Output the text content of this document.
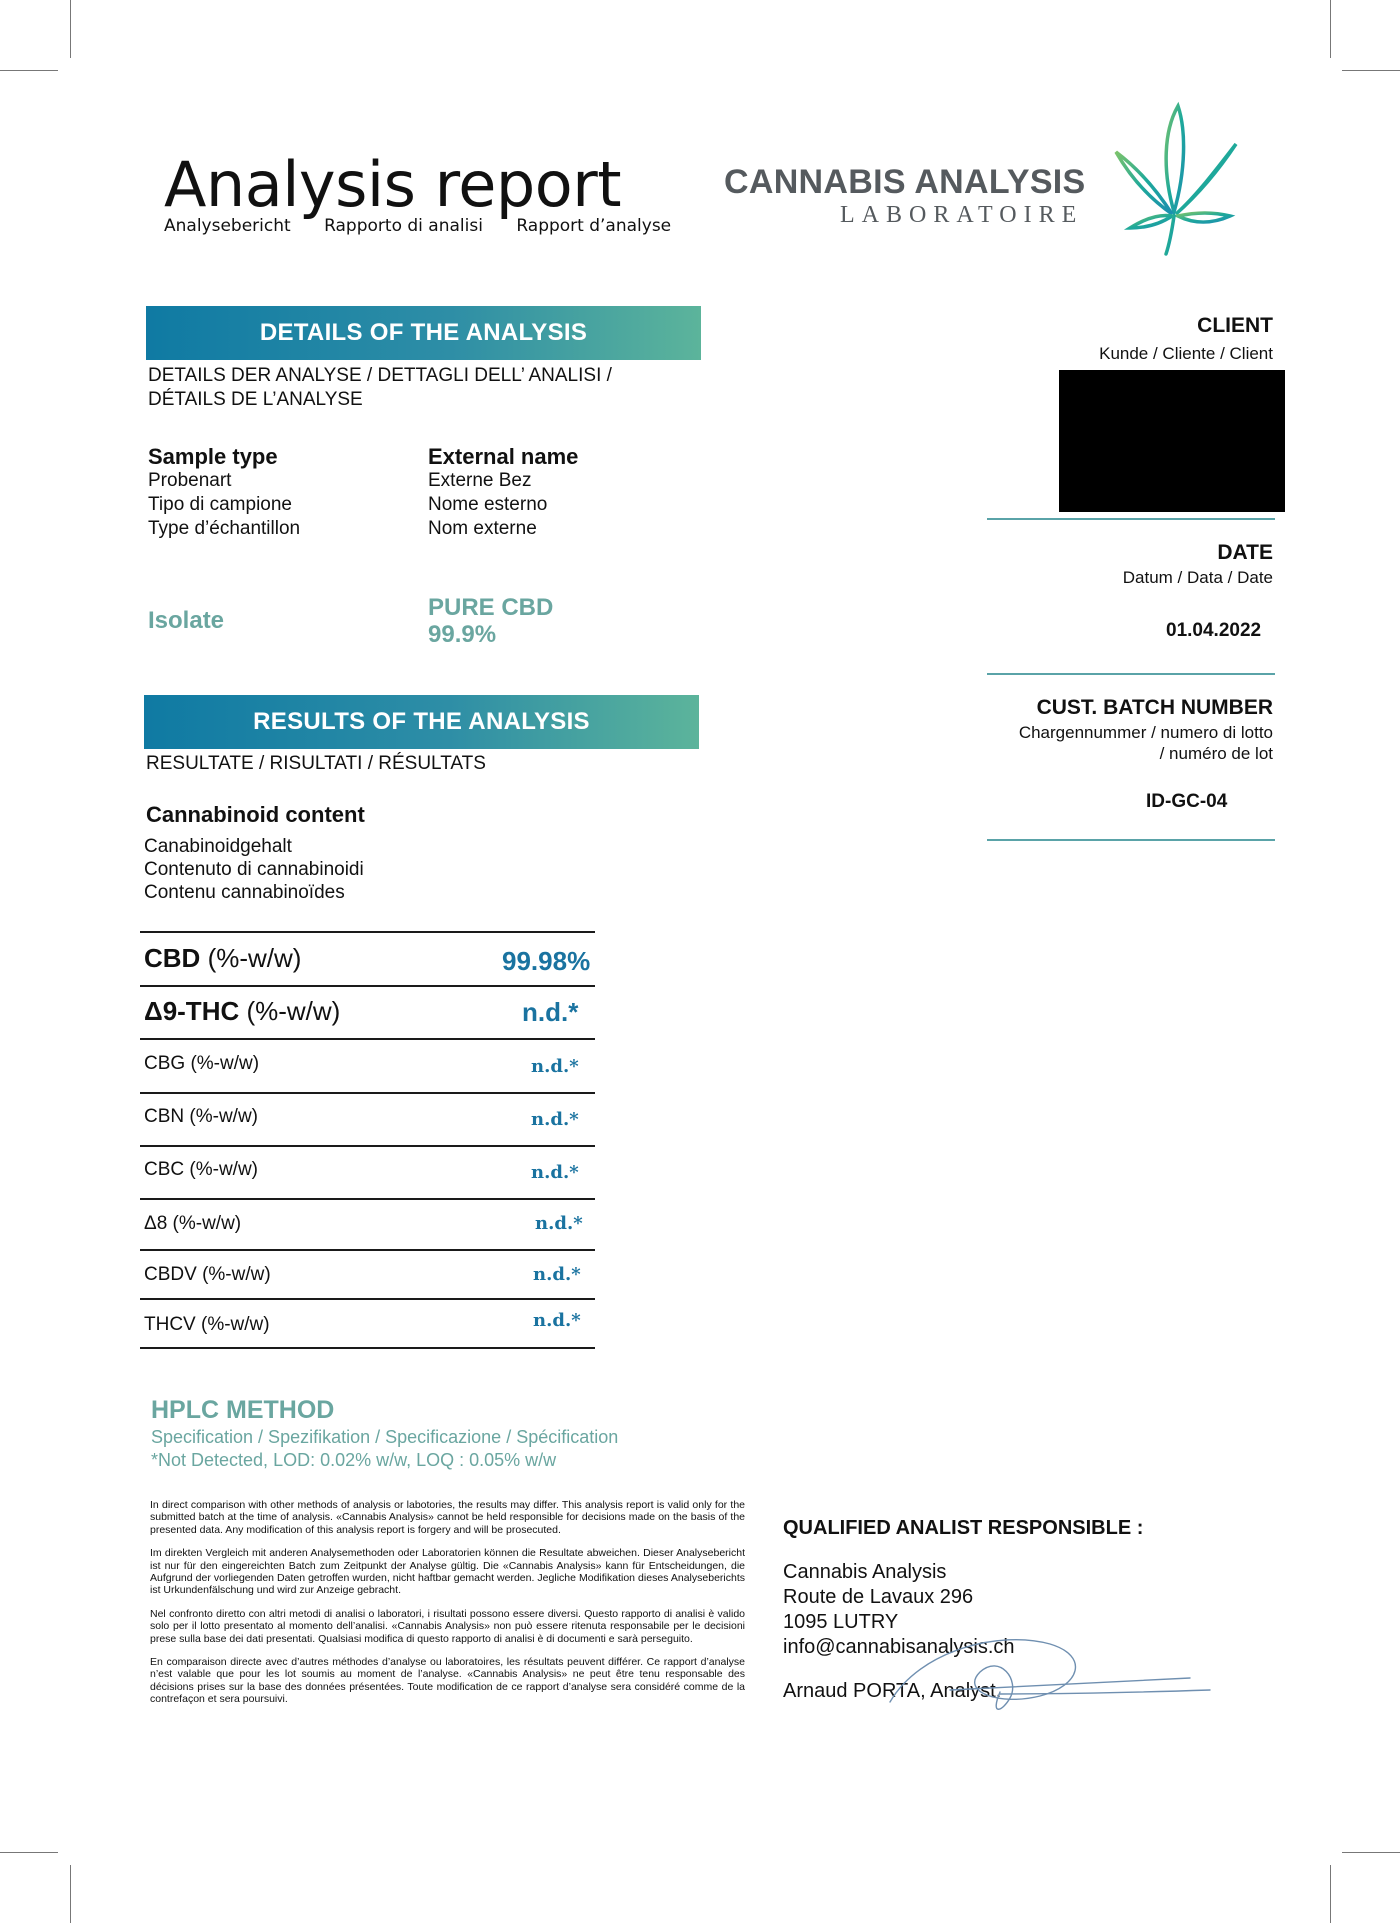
Analysis report
Analysebericht Rapporto di analisi Rapport d’analyse
CANNABIS ANALYSIS
LABORATOIRE
DETAILS OF THE ANALYSIS
DETAILS DER ANALYSE / DETTAGLI DELL’ ANALISI /
DÉTAILS DE L’ANALYSE
Sample type
Probenart
Tipo di campione
Type d’échantillon
External name
Externe Bez
Nome esterno
Nom externe
Isolate	PURE CBD
99.9%
RESULTS OF THE ANALYSIS
RESULTATE / RISULTATI / RÉSULTATS
Cannabinoid content
Canabinoidgehalt
Contenuto di cannabinoidi
Contenu cannabinoïdes
CBD (%-w/w)	99.98%
Δ9-THC (%-w/w)	n.d.*
CBG (%-w/w)	n.d.*
CBN (%-w/w)	n.d.*
CBC (%-w/w)	n.d.*
Δ8 (%-w/w)	n.d.*
CBDV (%-w/w)	n.d.*
THCV (%-w/w)	n.d.*
HPLC METHOD
Specification / Spezifikation / Specificazione / Spécification
*Not Detected, LOD: 0.02% w/w, LOQ : 0.05% w/w

In direct comparison with other methods of analysis or labotories, the results may differ. This analysis report is valid only for the submitted batch at the time of analysis. «Cannabis Analysis» cannot be held responsible for decisions made on the basis of the presented data. Any modification of this analysis report is forgery and will be prosecuted.

Im direkten Vergleich mit anderen Analysemethoden oder Laboratorien können die Resultate abweichen. Dieser Analysebericht ist nur für den eingereichten Batch zum Zeitpunkt der Analyse gültig. Die «Cannabis Analysis» kann für Entscheidungen, die Aufgrund der vorliegenden Daten getroffen wurden, nicht haftbar gemacht werden. Jegliche Modifikation dieses Analyseberichts ist Urkundenfälschung und wird zur Anzeige gebracht.

Nel confronto diretto con altri metodi di analisi o laboratori, i risultati possono essere diversi. Questo rapporto di analisi è valido solo per il lotto presentato al momento dell’analisi. «Cannabis Analysis» non può essere ritenuta responsabile per le decisioni prese sulla base dei dati presentati. Qualsiasi modifica di questo rapporto di analisi è di documenti e sarà perseguito.

En comparaison directe avec d’autres méthodes d’analyse ou laboratoires, les résultats peuvent différer. Ce rapport d’analyse n’est valable que pour les lot soumis au moment de l’analyse. «Cannabis Analysis» ne peut être tenu responsable des décisions prises sur la base des données présentées. Toute modification de ce rapport d’analyse sera considéré comme de la contrefaçon et sera poursuivi.

CLIENT
Kunde / Cliente / Client
DATE
Datum / Data / Date
01.04.2022
CUST. BATCH NUMBER
Chargennummer / numero di lotto
/ numéro de lot
ID-GC-04
QUALIFIED ANALIST RESPONSIBLE :
Cannabis Analysis
Route de Lavaux 296
1095 LUTRY
info@cannabisanalysis.ch
Arnaud PORTA, Analyst.
